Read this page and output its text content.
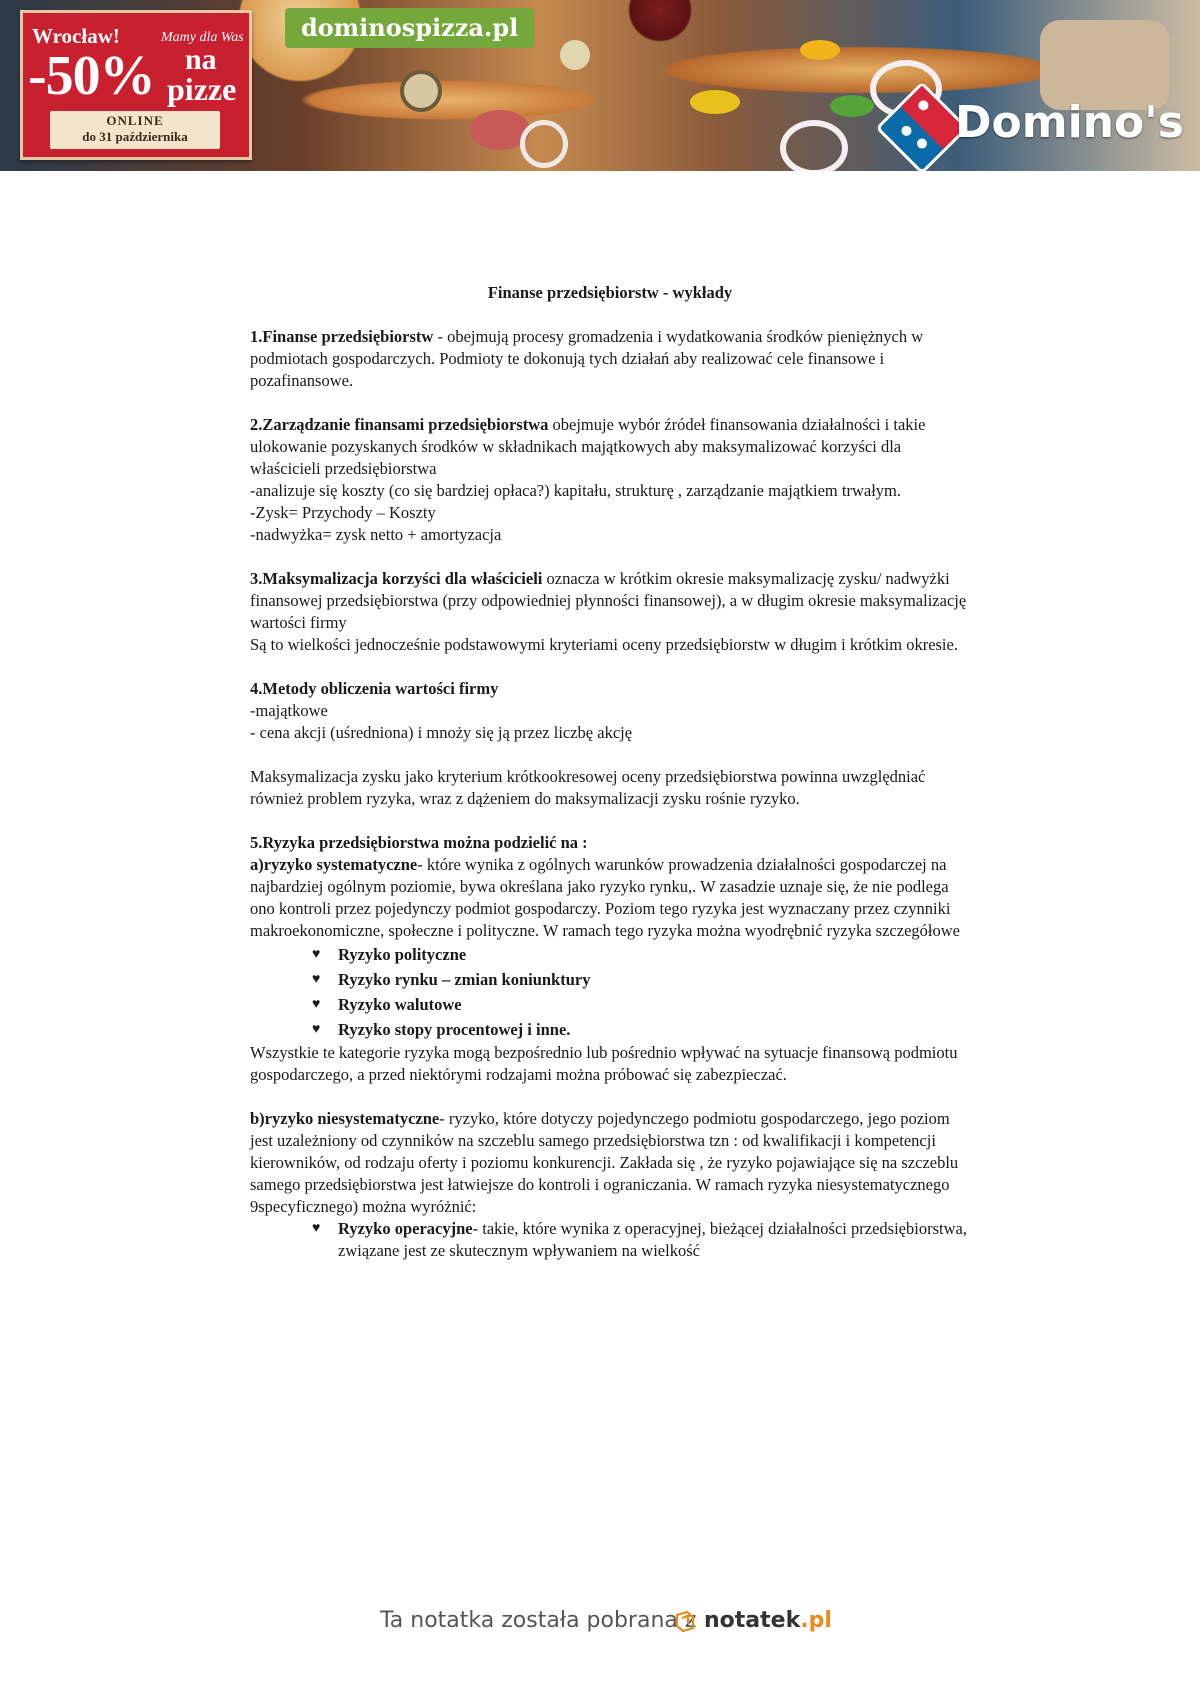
Wrocław!	Mamy dla Was
-50% na
pizze
ONLINE
do 31 października
dominospizza.pl
Domino's

Finanse przedsiębiorstw - wykłady

1.Finanse przedsiębiorstw - obejmują procesy gromadzenia i wydatkowania środków pieniężnych w podmiotach gospodarczych. Podmioty te dokonują tych działań aby realizować cele finansowe i pozafinansowe.

2.Zarządzanie finansami przedsiębiorstwa obejmuje wybór źródeł finansowania działalności i takie ulokowanie pozyskanych środków w składnikach majątkowych aby maksymalizować korzyści dla właścicieli przedsiębiorstwa

-analizuje się koszty (co się bardziej opłaca?) kapitału, strukturę , zarządzanie majątkiem trwałym.

-Zysk= Przychody – Koszty

-nadwyżka= zysk netto + amortyzacja

3.Maksymalizacja korzyści dla właścicieli oznacza w krótkim okresie maksymalizację zysku/ nadwyżki finansowej przedsiębiorstwa (przy odpowiedniej płynności finansowej), a w długim okresie maksymalizację wartości firmy

Są to wielkości jednocześnie podstawowymi kryteriami oceny przedsiębiorstw w długim i krótkim okresie.

4.Metody obliczenia wartości firmy

-majątkowe

- cena akcji (uśredniona) i mnoży się ją przez liczbę akcję

Maksymalizacja zysku jako kryterium krótkookresowej oceny przedsiębiorstwa powinna uwzględniać również problem ryzyka, wraz z dążeniem do maksymalizacji zysku rośnie ryzyko.

5.Ryzyka przedsiębiorstwa można podzielić na :

a)ryzyko systematyczne- które wynika z ogólnych warunków prowadzenia działalności gospodarczej na najbardziej ogólnym poziomie, bywa określana jako ryzyko rynku,. W zasadzie uznaje się, że nie podlega ono kontroli przez pojedynczy podmiot gospodarczy. Poziom tego ryzyka jest wyznaczany przez czynniki makroekonomiczne, społeczne i polityczne. W ramach tego ryzyka można wyodrębnić ryzyka szczegółowe

♥ Ryzyko polityczne
♥ Ryzyko rynku – zmian koniunktury
♥ Ryzyko walutowe
♥ Ryzyko stopy procentowej i inne.

Wszystkie te kategorie ryzyka mogą bezpośrednio lub pośrednio wpływać na sytuacje finansową podmiotu gospodarczego, a przed niektórymi rodzajami można próbować się zabezpieczać.

b)ryzyko niesystematyczne- ryzyko, które dotyczy pojedynczego podmiotu gospodarczego, jego poziom jest uzależniony od czynników na szczeblu samego przedsiębiorstwa tzn : od kwalifikacji i kompetencji kierowników, od rodzaju oferty i poziomu konkurencji. Zakłada się , że ryzyko pojawiające się na szczeblu samego przedsiębiorstwa jest łatwiejsze do kontroli i ograniczania. W ramach ryzyka niesystematycznego 9specyficznego) można wyróżnić:

♥ Ryzyko operacyjne- takie, które wynika z operacyjnej, bieżącej działalności przedsiębiorstwa, związane jest ze skutecznym wpływaniem na wielkość
Ta notatka została pobrana z notatek.pl
